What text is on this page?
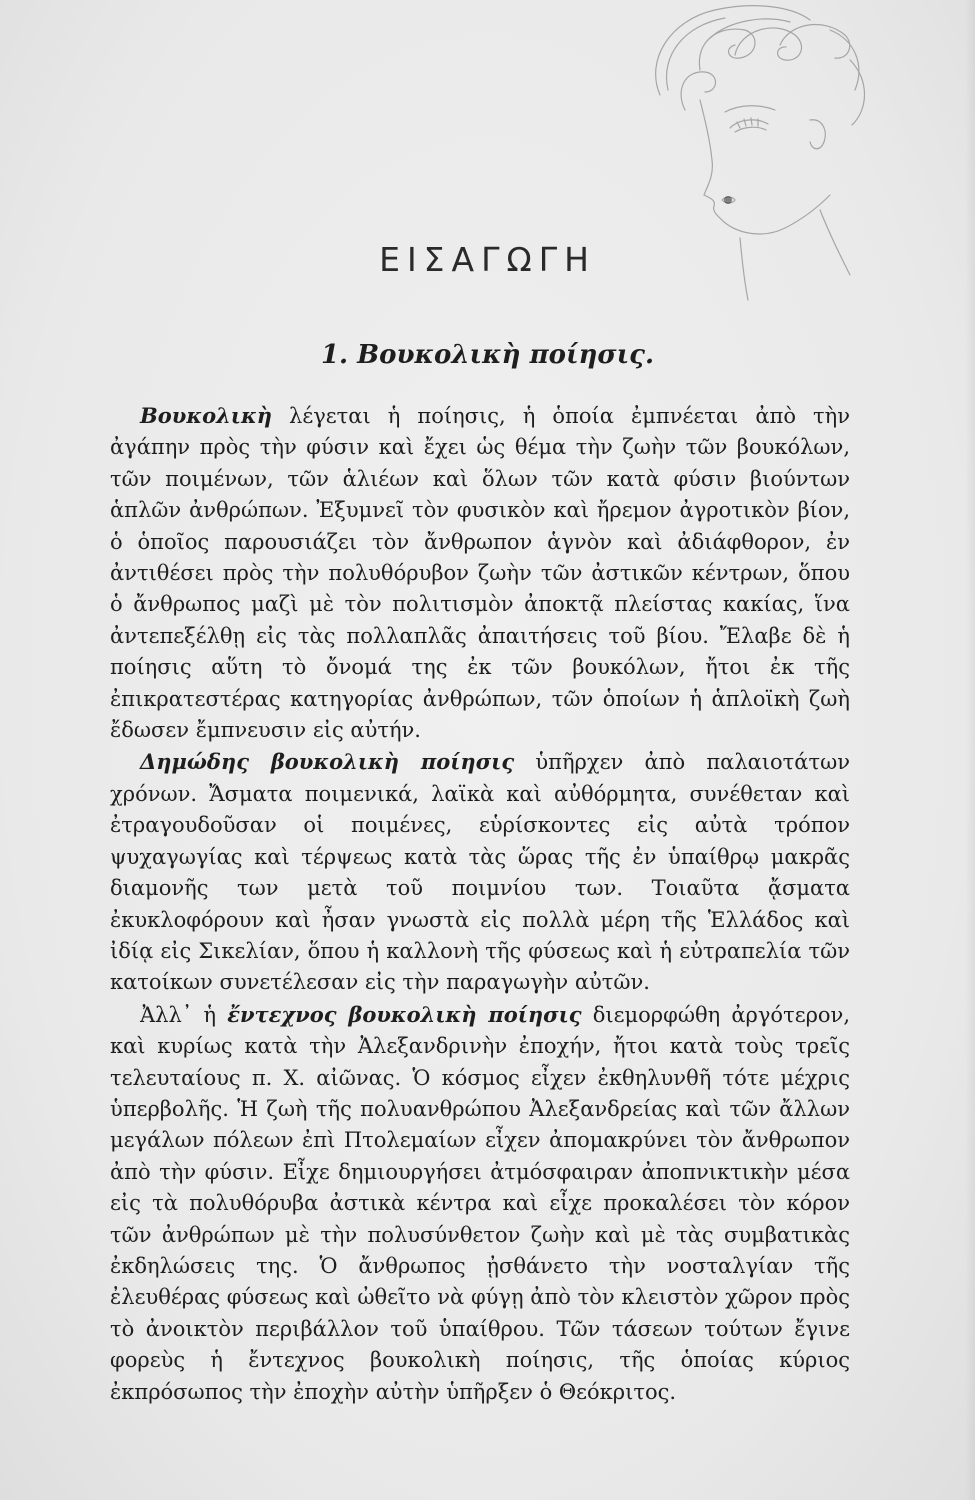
ΕΙΣΑΓΩΓΗ
1. Βουκολικὴ ποίησις.

Βουκολικὴ λέγεται ἡ ποίησις, ἡ ὁποία ἐμπνέεται ἀπὸ τὴν ἀγάπην πρὸς τὴν φύσιν καὶ ἔχει ὡς θέμα τὴν ζωὴν τῶν βουκόλων, τῶν ποιμένων, τῶν ἁλιέων καὶ ὅλων τῶν κατὰ φύσιν βιούντων ἁπλῶν ἀνθρώπων. Ἐξυμνεῖ τὸν φυσικὸν καὶ ἤρεμον ἀγροτικὸν βίον, ὁ ὁποῖος παρουσιάζει τὸν ἄνθρωπον ἁγνὸν καὶ ἀδιάφθορον, ἐν ἀντιθέσει πρὸς τὴν πολυθόρυβον ζωὴν τῶν ἀστικῶν κέντρων, ὅπου ὁ ἄνθρωπος μαζὶ μὲ τὸν πολιτισμὸν ἀποκτᾷ πλείστας κακίας, ἵνα ἀντεπεξέλθῃ εἰς τὰς πολλαπλᾶς ἀπαιτήσεις τοῦ βίου. Ἔλαβε δὲ ἡ ποίησις αὕτη τὸ ὄνομά της ἐκ τῶν βουκόλων, ἤτοι ἐκ τῆς ἐπικρατεστέρας κατηγορίας ἀνθρώπων, τῶν ὁποίων ἡ ἁπλοϊκὴ ζωὴ ἔδωσεν ἔμπνευσιν εἰς αὐτήν.

Δημώδης βουκολικὴ ποίησις ὑπῆρχεν ἀπὸ παλαιοτάτων χρόνων. Ἄσματα ποιμενικά, λαϊκὰ καὶ αὐθόρμητα, συνέθεταν καὶ ἐτραγουδοῦσαν οἱ ποιμένες, εὑρίσκοντες εἰς αὐτὰ τρόπον ψυχαγωγίας καὶ τέρψεως κατὰ τὰς ὥρας τῆς ἐν ὑπαίθρῳ μακρᾶς διαμονῆς των μετὰ τοῦ ποιμνίου των. Τοιαῦτα ᾄσματα ἐκυκλοφόρουν καὶ ἦσαν γνωστὰ εἰς πολλὰ μέρη τῆς Ἑλλάδος καὶ ἰδίᾳ εἰς Σικελίαν, ὅπου ἡ καλλονὴ τῆς φύσεως καὶ ἡ εὐτραπελία τῶν κατοίκων συνετέλεσαν εἰς τὴν παραγωγὴν αὐτῶν.

Ἀλλ᾽ ἡ ἔντεχνος βουκολικὴ ποίησις διεμορφώθη ἀργότερον, καὶ κυρίως κατὰ τὴν Ἀλεξανδρινὴν ἐποχήν, ἤτοι κατὰ τοὺς τρεῖς τελευταίους π. Χ. αἰῶνας. Ὁ κόσμος εἶχεν ἐκθηλυνθῆ τότε μέχρις ὑπερβολῆς. Ἡ ζωὴ τῆς πολυανθρώπου Ἀλεξανδρείας καὶ τῶν ἄλλων μεγάλων πόλεων ἐπὶ Πτολεμαίων εἶχεν ἀπομακρύνει τὸν ἄνθρωπον ἀπὸ τὴν φύσιν. Εἶχε δημιουργήσει ἀτμόσφαιραν ἀποπνικτικὴν μέσα εἰς τὰ πολυθόρυβα ἀστικὰ κέντρα καὶ εἶχε προκαλέσει τὸν κόρον τῶν ἀνθρώπων μὲ τὴν πολυσύνθετον ζωὴν καὶ μὲ τὰς συμβατικὰς ἐκδηλώσεις της. Ὁ ἄνθρωπος ᾐσθάνετο τὴν νοσταλγίαν τῆς ἐλευθέρας φύσεως καὶ ὠθεῖτο νὰ φύγῃ ἀπὸ τὸν κλειστὸν χῶρον πρὸς τὸ ἀνοικτὸν περιβάλλον τοῦ ὑπαίθρου. Τῶν τάσεων τούτων ἔγινε φορεὺς ἡ ἔντεχνος βουκολικὴ ποίησις, τῆς ὁποίας κύριος ἐκπρόσωπος τὴν ἐποχὴν αὐτὴν ὑπῆρξεν ὁ Θεόκριτος.
